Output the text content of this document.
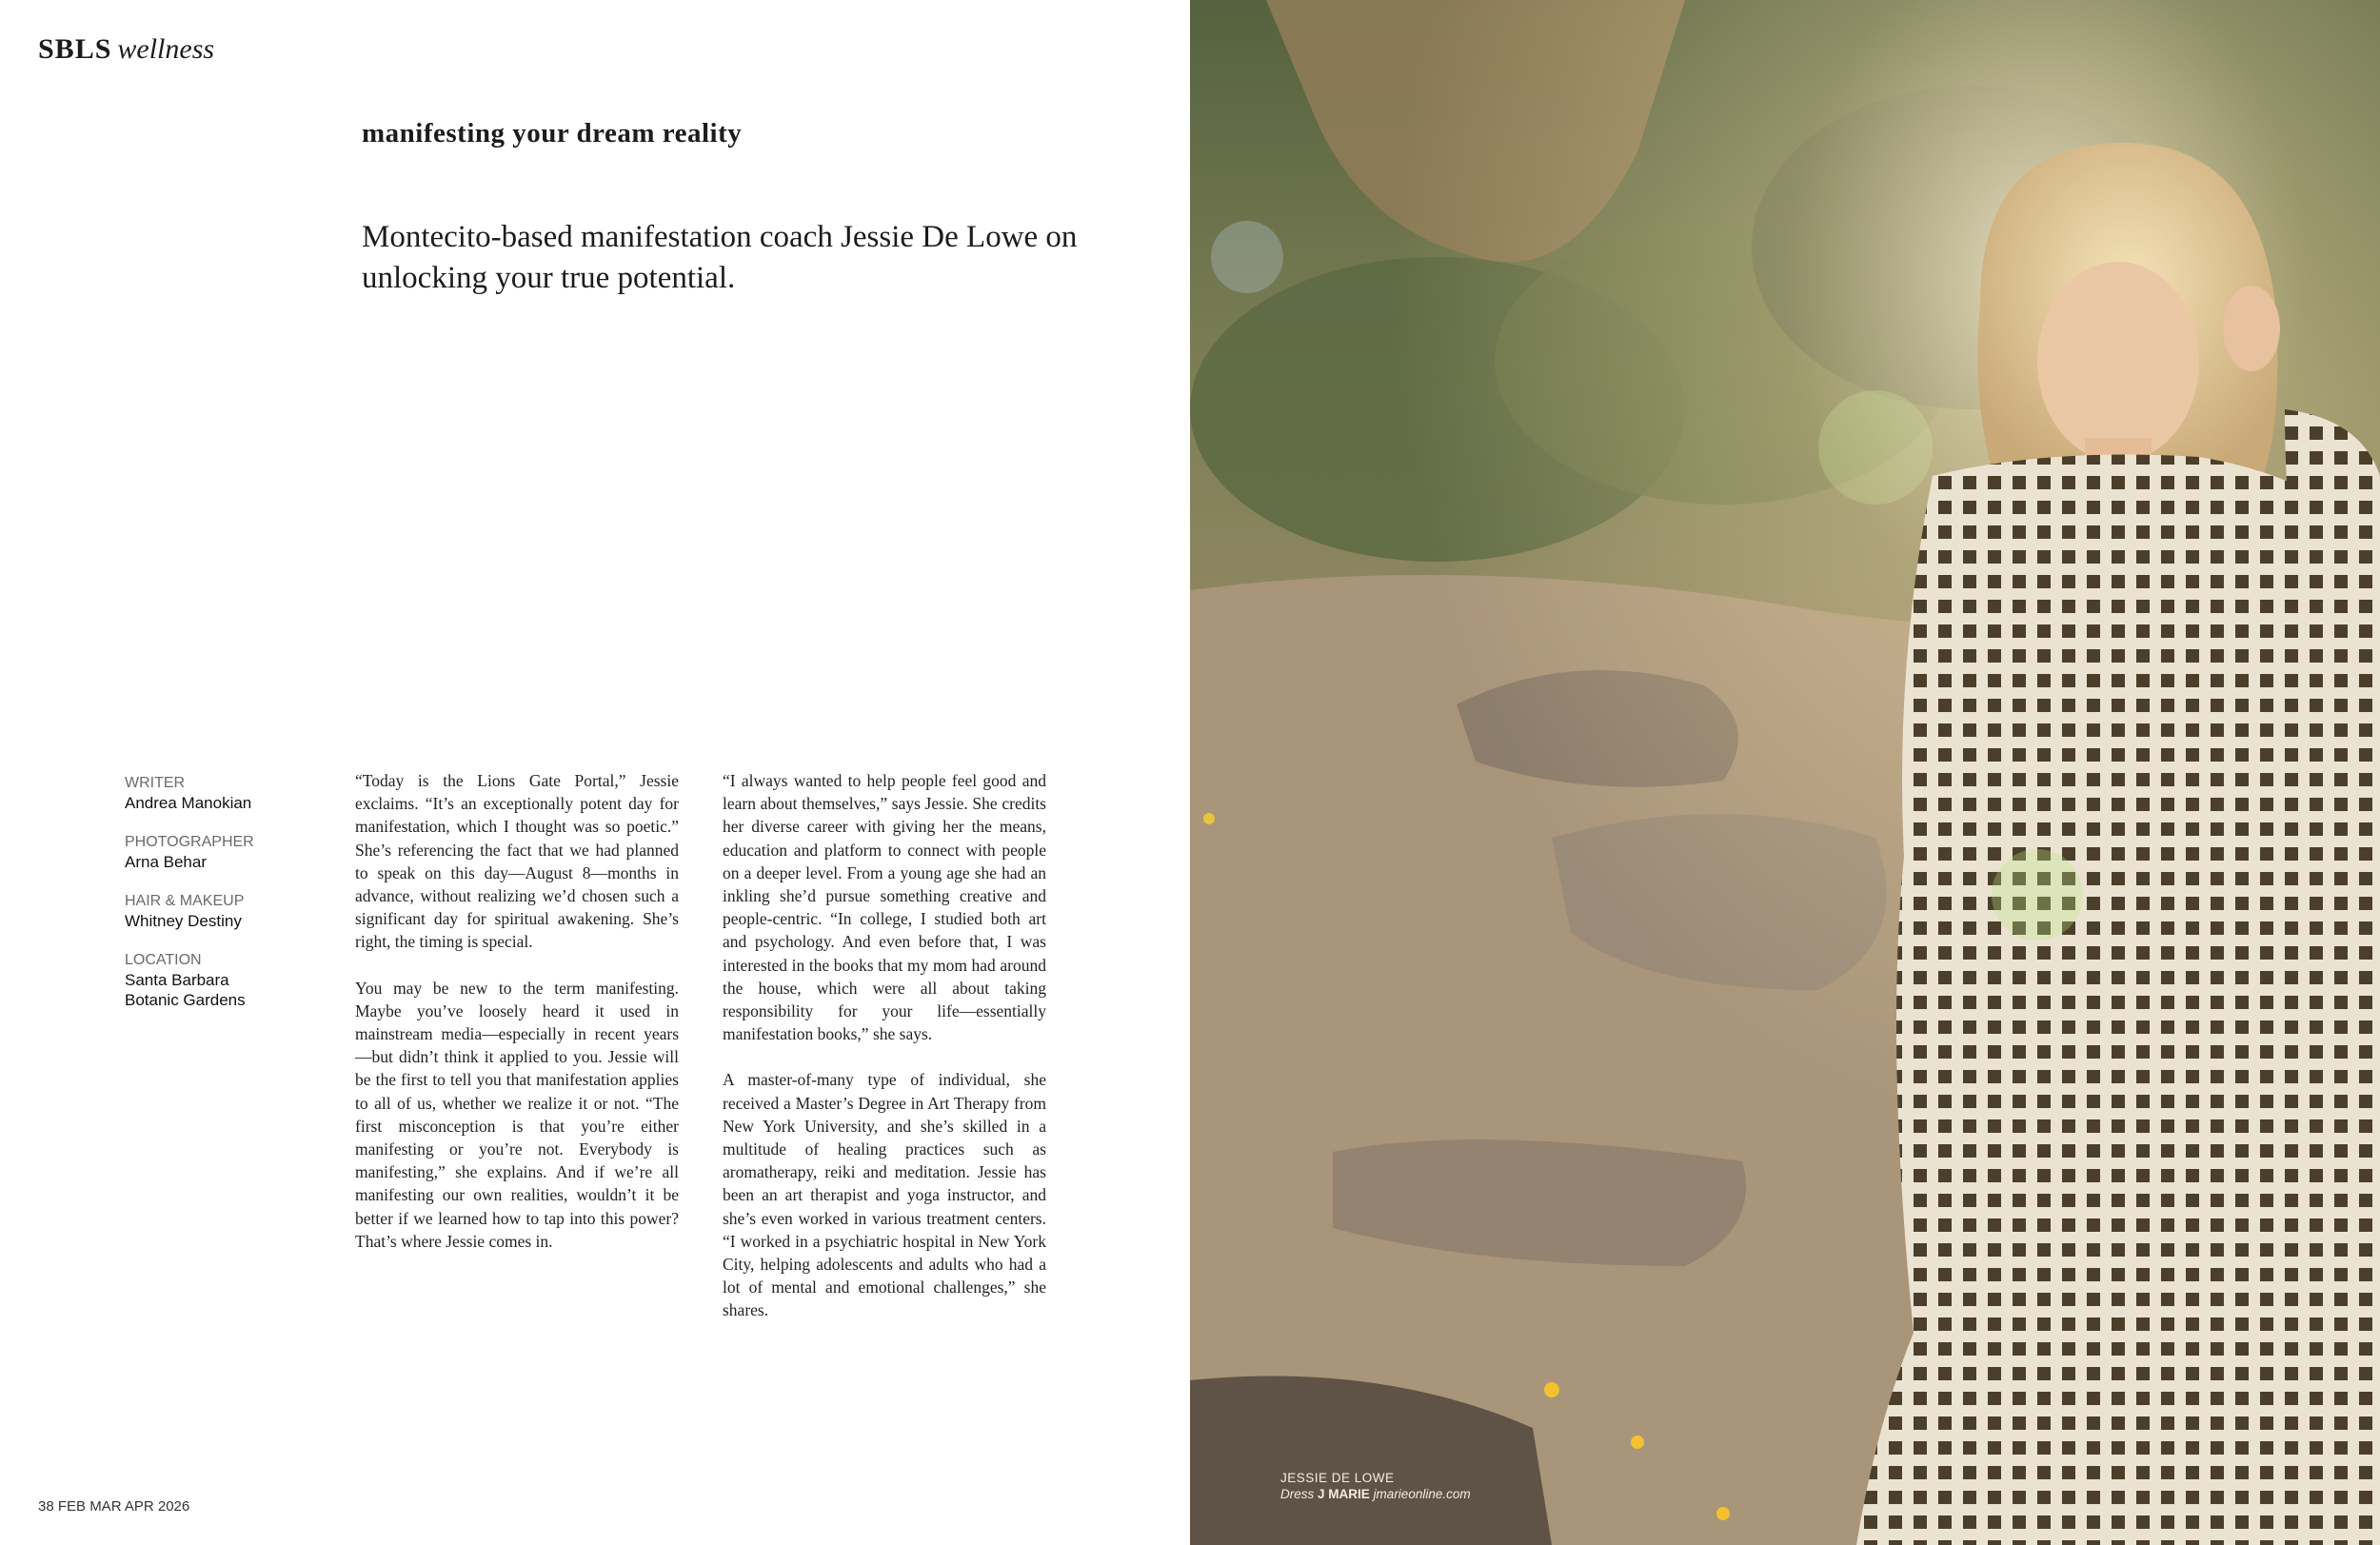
SBLS wellness
manifesting your dream reality
Montecito-based manifestation coach Jessie De Lowe on unlocking your true potential.
WRITER
Andrea Manokian
PHOTOGRAPHER
Arna Behar
HAIR & MAKEUP
Whitney Destiny
LOCATION
Santa Barbara Botanic Gardens

“Today is the Lions Gate Portal,” Jessie exclaims. “It’s an exceptionally potent day for manifestation, which I thought was so poetic.” She’s referencing the fact that we had planned to speak on this day—August 8—months in advance, without realizing we’d chosen such a significant day for spiritual awakening. She’s right, the timing is special.

You may be new to the term manifesting. Maybe you’ve loosely heard it used in mainstream media—especially in recent years—but didn’t think it applied to you. Jessie will be the first to tell you that manifestation applies to all of us, whether we realize it or not. “The first misconception is that you’re either manifesting or you’re not. Everybody is manifesting,” she explains. And if we’re all manifesting our own realities, wouldn’t it be better if we learned how to tap into this power? That’s where Jessie comes in.

“I always wanted to help people feel good and learn about themselves,” says Jessie. She credits her diverse career with giving her the means, education and platform to connect with people on a deeper level. From a young age she had an inkling she’d pursue something creative and people-centric. “In college, I studied both art and psychology. And even before that, I was interested in the books that my mom had around the house, which were all about taking responsibility for your life—essentially manifestation books,” she says.

A master-of-many type of individual, she received a Master’s Degree in Art Therapy from New York University, and she’s skilled in a multitude of healing practices such as aromatherapy, reiki and meditation. Jessie has been an art therapist and yoga instructor, and she’s even worked in various treatment centers. “I worked in a psychiatric hospital in New York City, helping adolescents and adults who had a lot of mental and emotional challenges,” she shares.

38 FEB MAR APR 2026
JESSIE DE LOWE
Dress J MARIE jmarieonline.com
